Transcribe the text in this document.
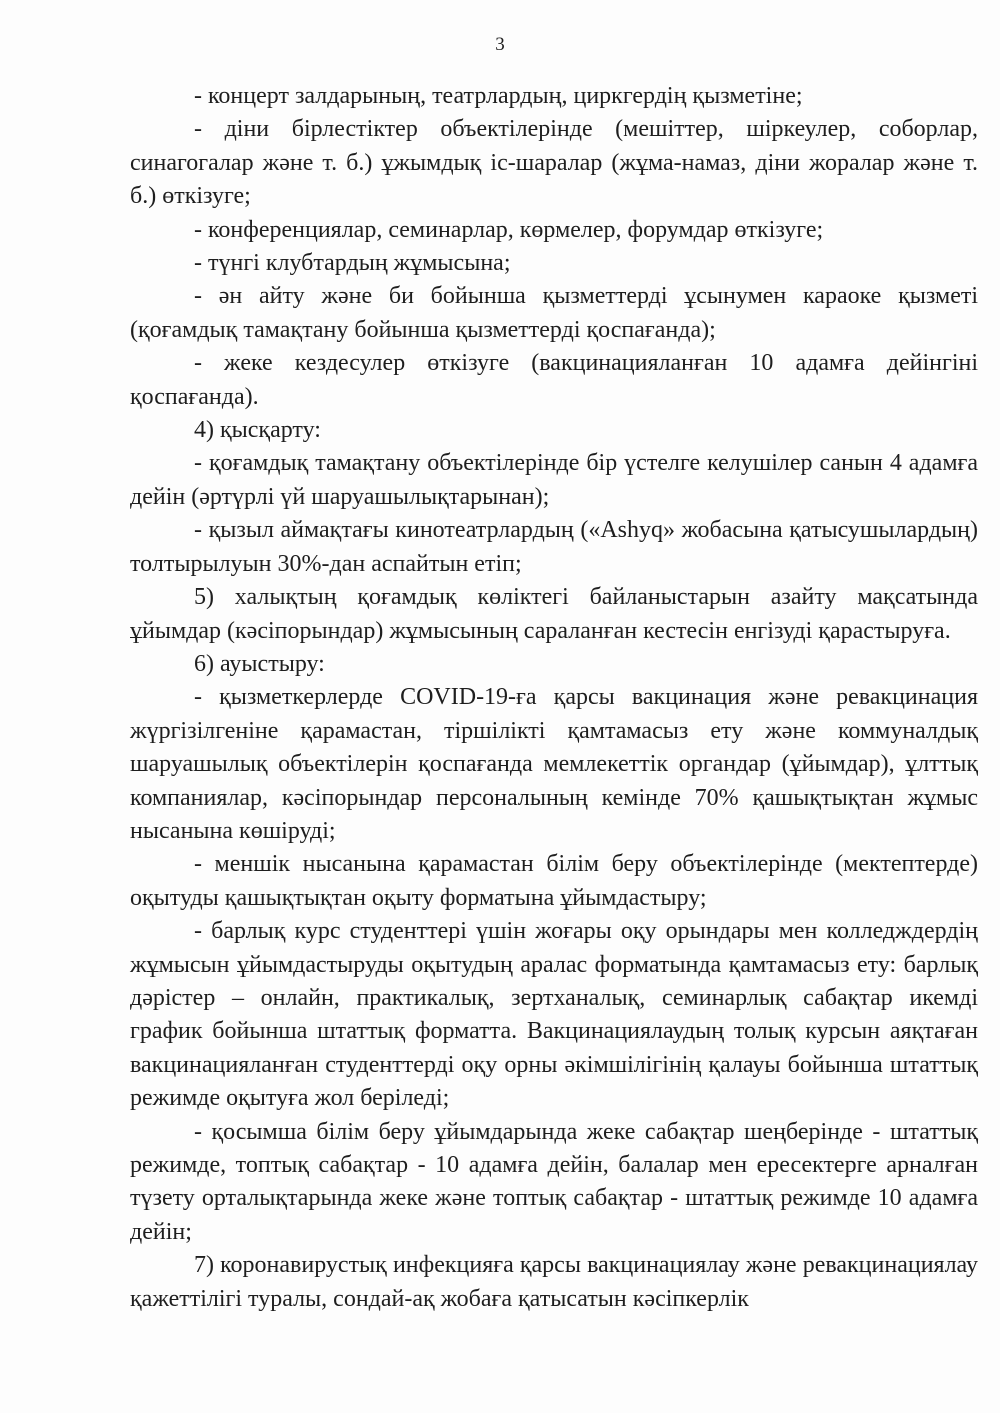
3

- концерт залдарының, театрлардың, циркгердің қызметіне;

- діни бірлестіктер объектілерінде (мешіттер, шіркеулер, соборлар, синагогалар және т. б.) ұжымдық іс-шаралар (жұма-намаз, діни жоралар және т. б.) өткізуге;

- конференциялар, семинарлар, көрмелер, форумдар өткізуге;

- түнгі клубтардың жұмысына;

- ән айту және би бойынша қызметтерді ұсынумен караоке қызметі (қоғамдық тамақтану бойынша қызметтерді қоспағанда);

- жеке кездесулер өткізуге (вакцинацияланған 10 адамға дейінгіні қоспағанда).

4) қысқарту:

- қоғамдық тамақтану объектілерінде бір үстелге келушілер санын 4 адамға дейін (әртүрлі үй шаруашылықтарынан);

- қызыл аймақтағы кинотеатрлардың («Ashyq» жобасына қатысушылардың) толтырылуын 30%-дан аспайтын етіп;

5) халықтың қоғамдық көліктегі байланыстарын азайту мақсатында ұйымдар (кәсіпорындар) жұмысының сараланған кестесін енгізуді қарастыруға.

6) ауыстыру:

- қызметкерлерде COVID-19-ға қарсы вакцинация және ревакцинация жүргізілгеніне қарамастан, тіршілікті қамтамасыз ету және коммуналдық шаруашылық объектілерін қоспағанда мемлекеттік органдар (ұйымдар), ұлттық компаниялар, кәсіпорындар персоналының кемінде 70% қашықтықтан жұмыс нысанына көшіруді;

- меншік нысанына қарамастан білім беру объектілерінде (мектептерде) оқытуды қашықтықтан оқыту форматына ұйымдастыру;

- барлық курс студенттері үшін жоғары оқу орындары мен колледждердің жұмысын ұйымдастыруды оқытудың аралас форматында қамтамасыз ету: барлық дәрістер – онлайн, практикалық, зертханалық, семинарлық сабақтар икемді график бойынша штаттық форматта. Вакцинациялаудың толық курсын аяқтаған вакцинацияланған студенттерді оқу орны әкімшілігінің қалауы бойынша штаттық режимде оқытуға жол беріледі;

- қосымша білім беру ұйымдарында жеке сабақтар шеңберінде - штаттық режимде, топтық сабақтар - 10 адамға дейін, балалар мен ересектерге арналған түзету орталықтарында жеке және топтық сабақтар - штаттық режимде 10 адамға дейін;

7) коронавирустық инфекцияға қарсы вакцинациялау және ревакцинациялау қажеттілігі туралы, сондай-ақ жобаға қатысатын кәсіпкерлік
